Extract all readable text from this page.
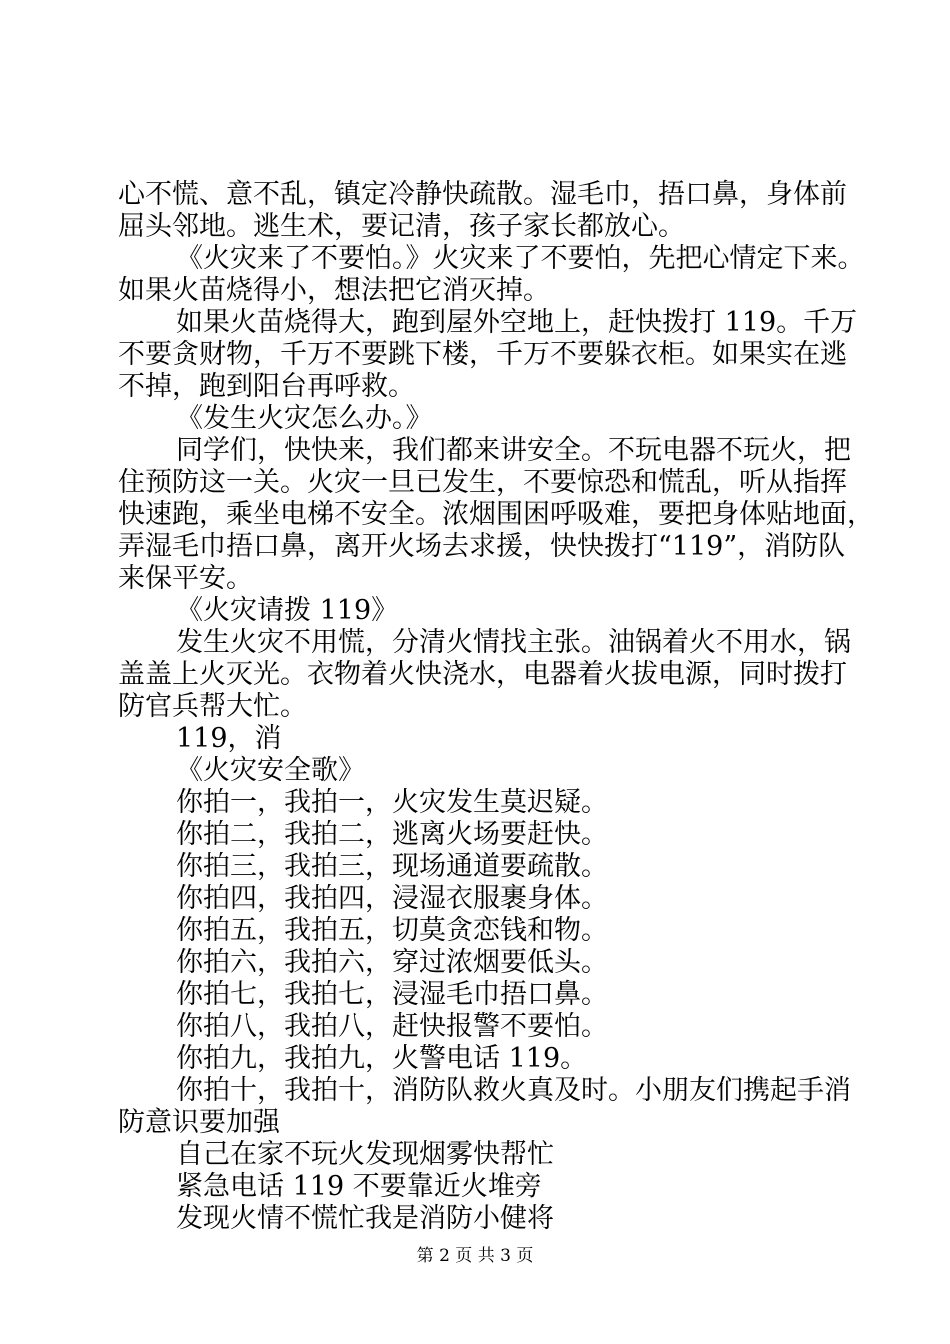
心不慌、意不乱，镇定冷静快疏散。湿毛巾，捂口鼻，身体前
屈头邻地。逃生术，要记清，孩子家长都放心。
《火灾来了不要怕。》火灾来了不要怕，先把心情定下来。
如果火苗烧得小，想法把它消灭掉。
如果火苗烧得大，跑到屋外空地上，赶快拨打 119。千万
不要贪财物，千万不要跳下楼，千万不要躲衣柜。如果实在逃
不掉，跑到阳台再呼救。
《发生火灾怎么办。》
同学们，快快来，我们都来讲安全。不玩电器不玩火，把
住预防这一关。火灾一旦已发生，不要惊恐和慌乱，听从指挥
快速跑，乘坐电梯不安全。浓烟围困呼吸难，要把身体贴地面，
弄湿毛巾捂口鼻，离开火场去求援，快快拨打“119”，消防队
来保平安。
《火灾请拨 119》
发生火灾不用慌，分清火情找主张。油锅着火不用水，锅
盖盖上火灭光。衣物着火快浇水，电器着火拔电源，同时拨打
防官兵帮大忙。
119，消
《火灾安全歌》
你拍一，我拍一，火灾发生莫迟疑。
你拍二，我拍二，逃离火场要赶快。
你拍三，我拍三，现场通道要疏散。
你拍四，我拍四，浸湿衣服裹身体。
你拍五，我拍五，切莫贪恋钱和物。
你拍六，我拍六，穿过浓烟要低头。
你拍七，我拍七，浸湿毛巾捂口鼻。
你拍八，我拍八，赶快报警不要怕。
你拍九，我拍九，火警电话 119。
你拍十，我拍十，消防队救火真及时。小朋友们携起手消
防意识要加强
自己在家不玩火发现烟雾快帮忙
紧急电话 119 不要靠近火堆旁
发现火情不慌忙我是消防小健将
第 2 页 共 3 页
